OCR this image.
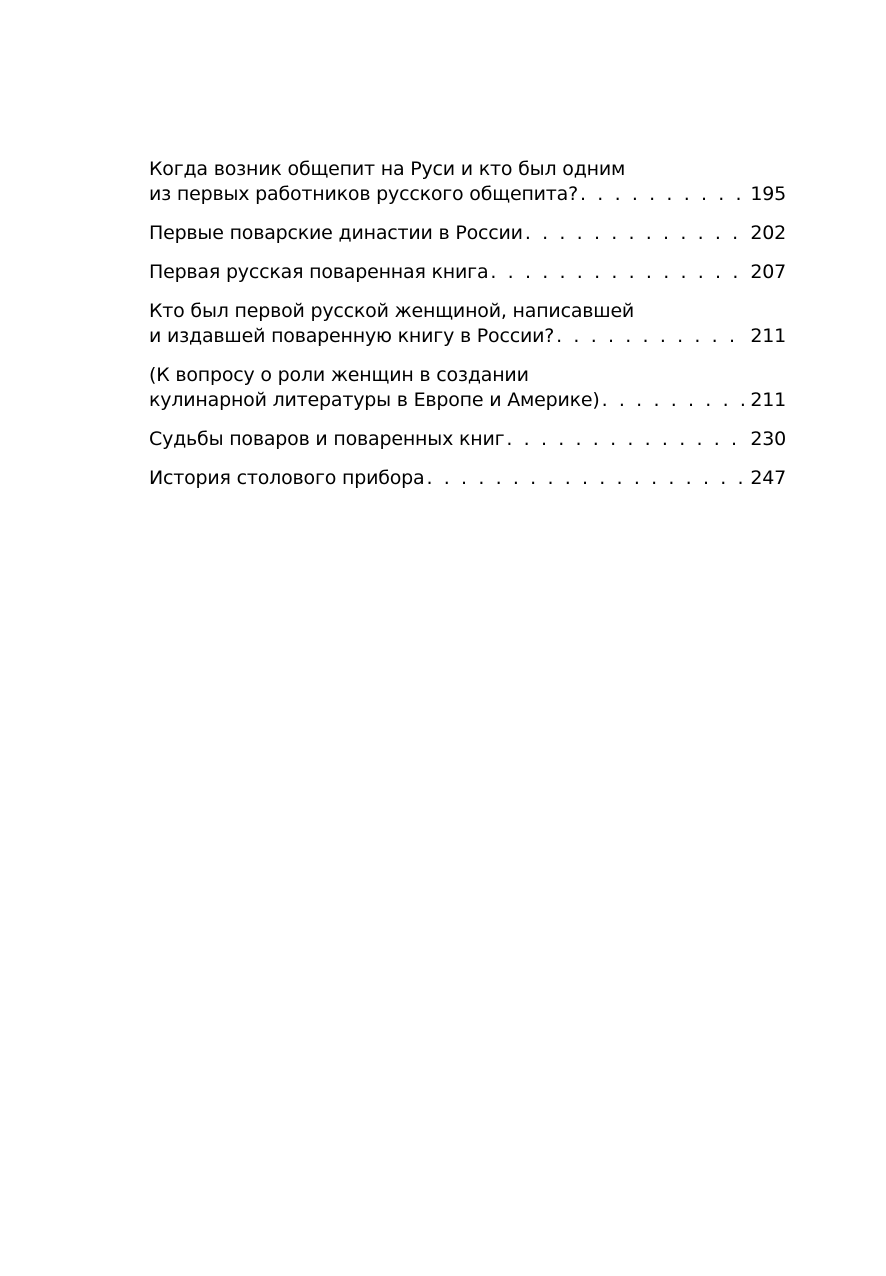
Когда возник общепит на Руси и кто был одним
из первых работников русского общепита? . . .	195
Первые поварские династии в России . . .	202
Первая русская поваренная книга . . .	207
Кто был первой русской женщиной, написавшей
и издавшей поваренную книгу в России? . . .	211
(К вопросу о роли женщин в создании
кулинарной литературы в Европе и Америке) . . .	211
Судьбы поваров и поваренных книг . . .	230
История столового прибора . . .	247
